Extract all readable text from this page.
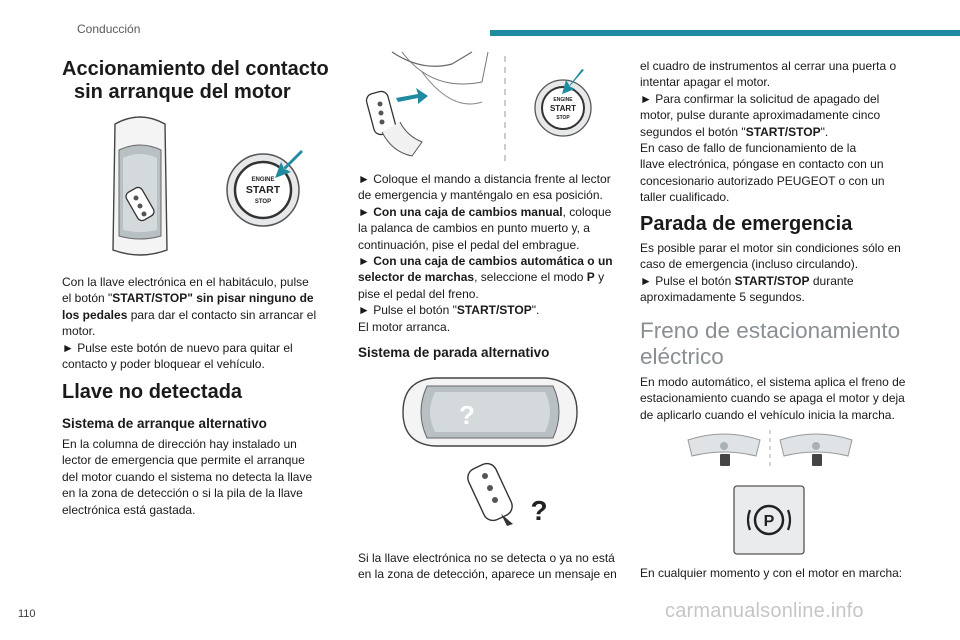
Conducción
Accionamiento del contacto
sin arranque del motor
ENGINE
START
STOP

Con la llave electrónica en el habitáculo, pulse

el botón "START/STOP" sin pisar ninguno de

los pedales para dar el contacto sin arrancar el

motor.

► Pulse este botón de nuevo para quitar el

contacto y poder bloquear el vehículo.

Llave no detectada
Sistema de arranque alternativo

En la columna de dirección hay instalado un

lector de emergencia que permite el arranque

del motor cuando el sistema no detecta la llave

en la zona de detección o si la pila de la llave

electrónica está gastada.

ENGINE
START
STOP

► Coloque el mando a distancia frente al lector

de emergencia y manténgalo en esa posición.

► Con una caja de cambios manual, coloque

la palanca de cambios en punto muerto y, a

continuación, pise el pedal del embrague.

► Con una caja de cambios automática o un

selector de marchas, seleccione el modo P y

pise el pedal del freno.

► Pulse el botón "START/STOP".

El motor arranca.

Sistema de parada alternativo
?
?

Si la llave electrónica no se detecta o ya no está

en la zona de detección, aparece un mensaje en

el cuadro de instrumentos al cerrar una puerta o

intentar apagar el motor.

► Para confirmar la solicitud de apagado del

motor, pulse durante aproximadamente cinco

segundos el botón "START/STOP".

En caso de fallo de funcionamiento de la

llave electrónica, póngase en contacto con un

concesionario autorizado PEUGEOT o con un

taller cualificado.

Parada de emergencia

Es posible parar el motor sin condiciones sólo en

caso de emergencia (incluso circulando).

► Pulse el botón START/STOP durante

aproximadamente 5 segundos.

Freno de estacionamiento
eléctrico

En modo automático, el sistema aplica el freno de

estacionamiento cuando se apaga el motor y deja

de aplicarlo cuando el vehículo inicia la marcha.

P

En cualquier momento y con el motor en marcha:

110	carmanualsonline.info
